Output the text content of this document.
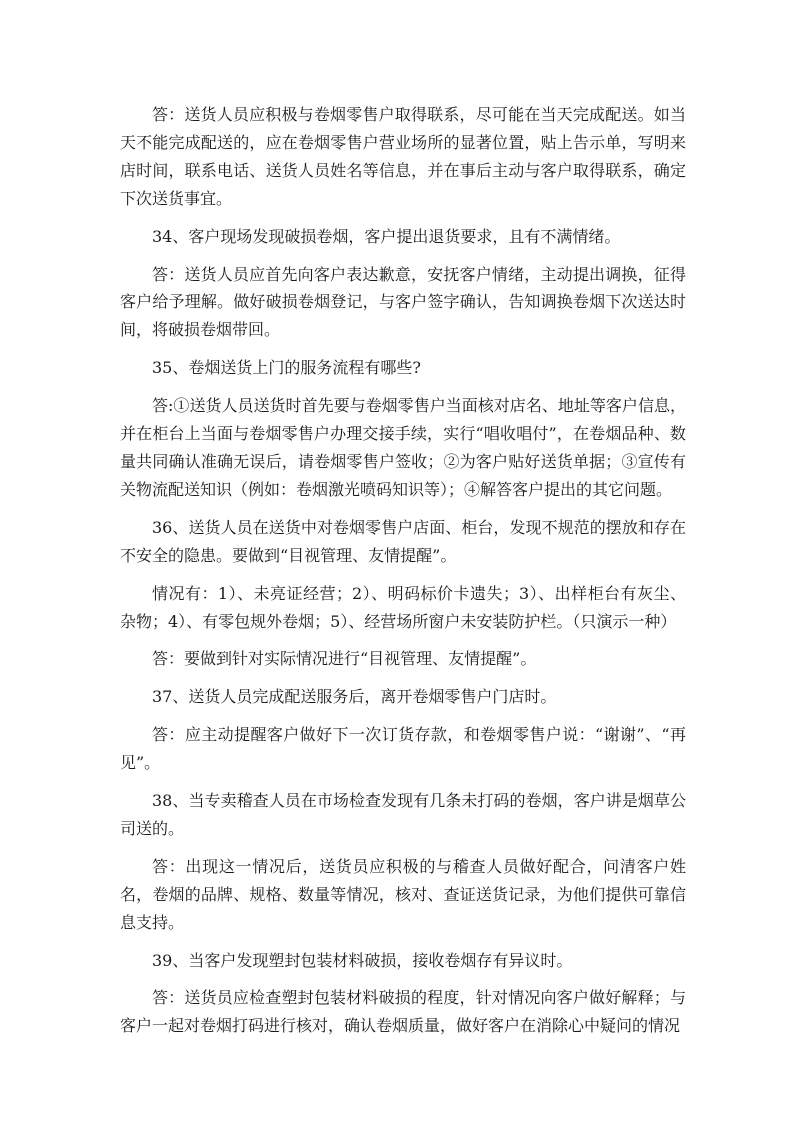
答：送货人员应积极与卷烟零售户取得联系，尽可能在当天完成配送。如当天不能完成配送的，应在卷烟零售户营业场所的显著位置，贴上告示单，写明来店时间，联系电话、送货人员姓名等信息，并在事后主动与客户取得联系，确定下次送货事宜。

34、客户现场发现破损卷烟，客户提出退货要求，且有不满情绪。

答：送货人员应首先向客户表达歉意，安抚客户情绪，主动提出调换，征得客户给予理解。做好破损卷烟登记，与客户签字确认，告知调换卷烟下次送达时间，将破损卷烟带回。

35、卷烟送货上门的服务流程有哪些?

答:①送货人员送货时首先要与卷烟零售户当面核对店名、地址等客户信息，并在柜台上当面与卷烟零售户办理交接手续，实行“唱收唱付”，在卷烟品种、数量共同确认准确无误后，请卷烟零售户签收；②为客户贴好送货单据；③宣传有关物流配送知识（例如：卷烟激光喷码知识等）；④解答客户提出的其它问题。

36、送货人员在送货中对卷烟零售户店面、柜台，发现不规范的摆放和存在不安全的隐患。要做到“目视管理、友情提醒”。

情况有：1）、未亮证经营；2）、明码标价卡遗失；3）、出样柜台有灰尘、杂物；4）、有零包规外卷烟；5）、经营场所窗户未安装防护栏。（只演示一种）

答：要做到针对实际情况进行“目视管理、友情提醒”。

37、送货人员完成配送服务后，离开卷烟零售户门店时。

答：应主动提醒客户做好下一次订货存款，和卷烟零售户说：“谢谢”、“再见”。

38、当专卖稽查人员在市场检查发现有几条未打码的卷烟，客户讲是烟草公司送的。

答：出现这一情况后，送货员应积极的与稽查人员做好配合，问清客户姓名，卷烟的品牌、规格、数量等情况，核对、查证送货记录，为他们提供可靠信息支持。

39、当客户发现塑封包装材料破损，接收卷烟存有异议时。

答：送货员应检查塑封包装材料破损的程度，针对情况向客户做好解释；与客户一起对卷烟打码进行核对，确认卷烟质量，做好客户在消除心中疑问的情况
